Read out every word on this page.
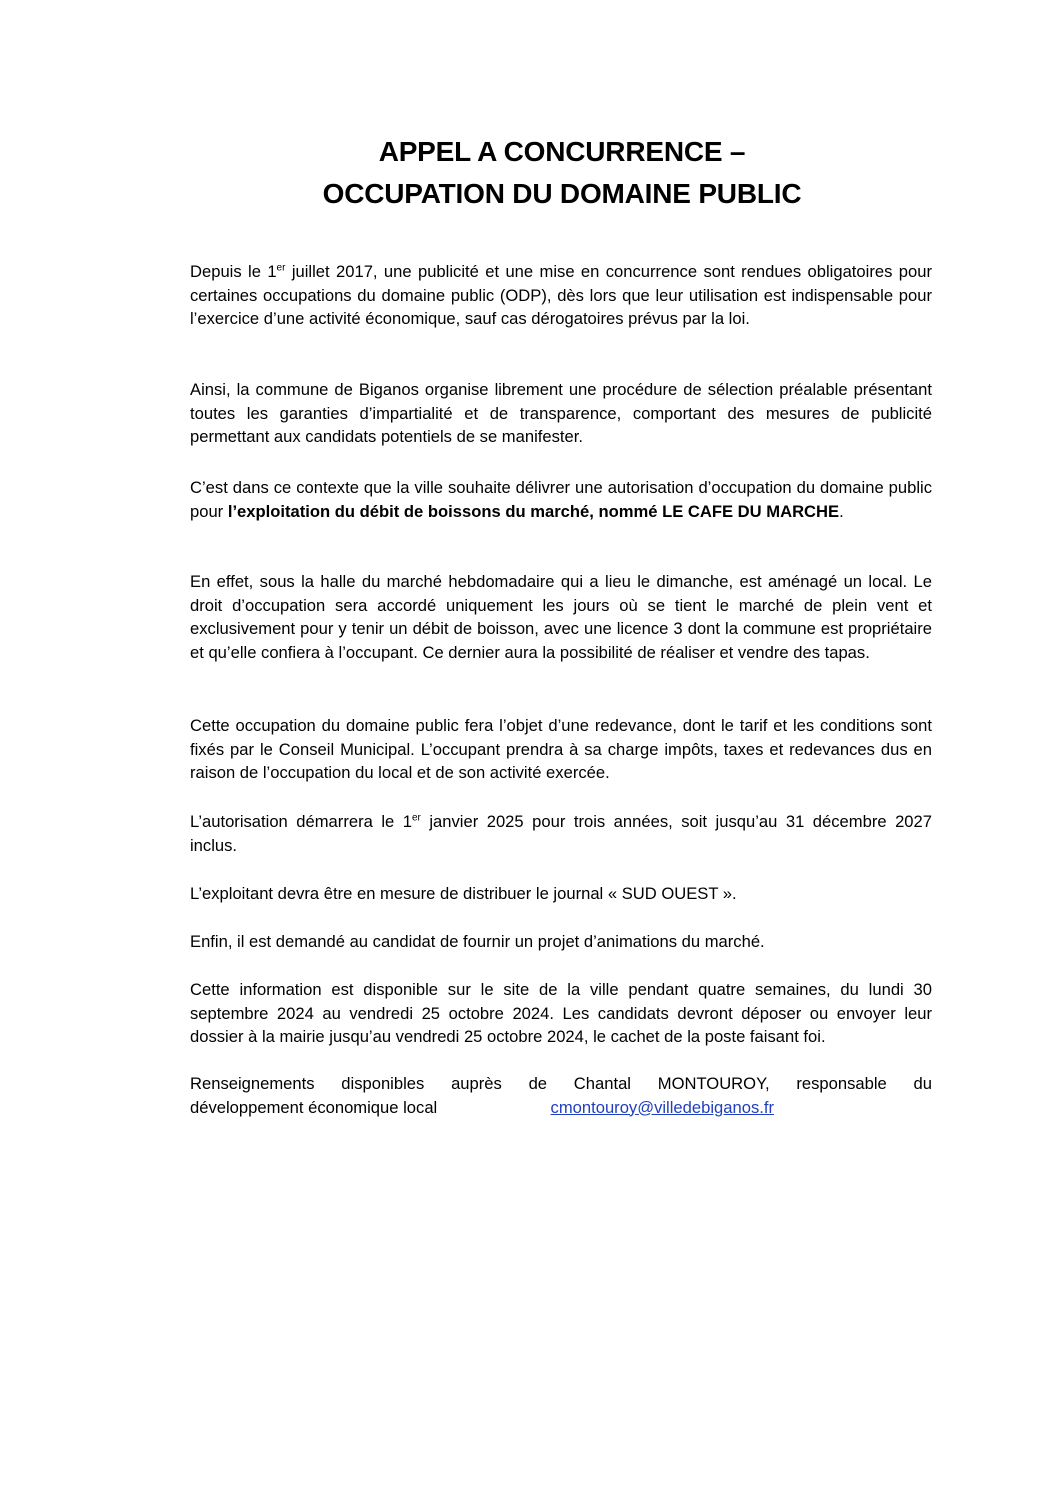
APPEL A CONCURRENCE –
OCCUPATION DU DOMAINE PUBLIC

Depuis le 1er juillet 2017, une publicité et une mise en concurrence sont rendues obligatoires pour certaines occupations du domaine public (ODP), dès lors que leur utilisation est indispensable pour l’exercice d’une activité économique, sauf cas dérogatoires prévus par la loi.

Ainsi, la commune de Biganos organise librement une procédure de sélection préalable présentant toutes les garanties d’impartialité et de transparence, comportant des mesures de publicité permettant aux candidats potentiels de se manifester.

C’est dans ce contexte que la ville souhaite délivrer une autorisation d’occupation du domaine public pour l’exploitation du débit de boissons du marché, nommé LE CAFE DU MARCHE.

En effet, sous la halle du marché hebdomadaire qui a lieu le dimanche, est aménagé un local. Le droit d’occupation sera accordé uniquement les jours où se tient le marché de plein vent et exclusivement pour y tenir un débit de boisson, avec une licence 3 dont la commune est propriétaire et qu’elle confiera à l’occupant. Ce dernier aura la possibilité de réaliser et vendre des tapas.

Cette occupation du domaine public fera l’objet d’une redevance, dont le tarif et les conditions sont fixés par le Conseil Municipal. L’occupant prendra à sa charge impôts, taxes et redevances dus en raison de l’occupation du local et de son activité exercée.

L’autorisation démarrera le 1er janvier 2025 pour trois années, soit jusqu’au 31 décembre 2027 inclus.

L’exploitant devra être en mesure de distribuer le journal « SUD OUEST ».

Enfin, il est demandé au candidat de fournir un projet d’animations du marché.

Cette information est disponible sur le site de la ville pendant quatre semaines, du lundi 30 septembre 2024 au vendredi 25 octobre 2024. Les candidats devront déposer ou envoyer leur dossier à la mairie jusqu’au vendredi 25 octobre 2024, le cachet de la poste faisant foi.

Renseignements disponibles auprès de Chantal MONTOUROY, responsable du
développement économique local	cmontouroy@villedebiganos.fr
